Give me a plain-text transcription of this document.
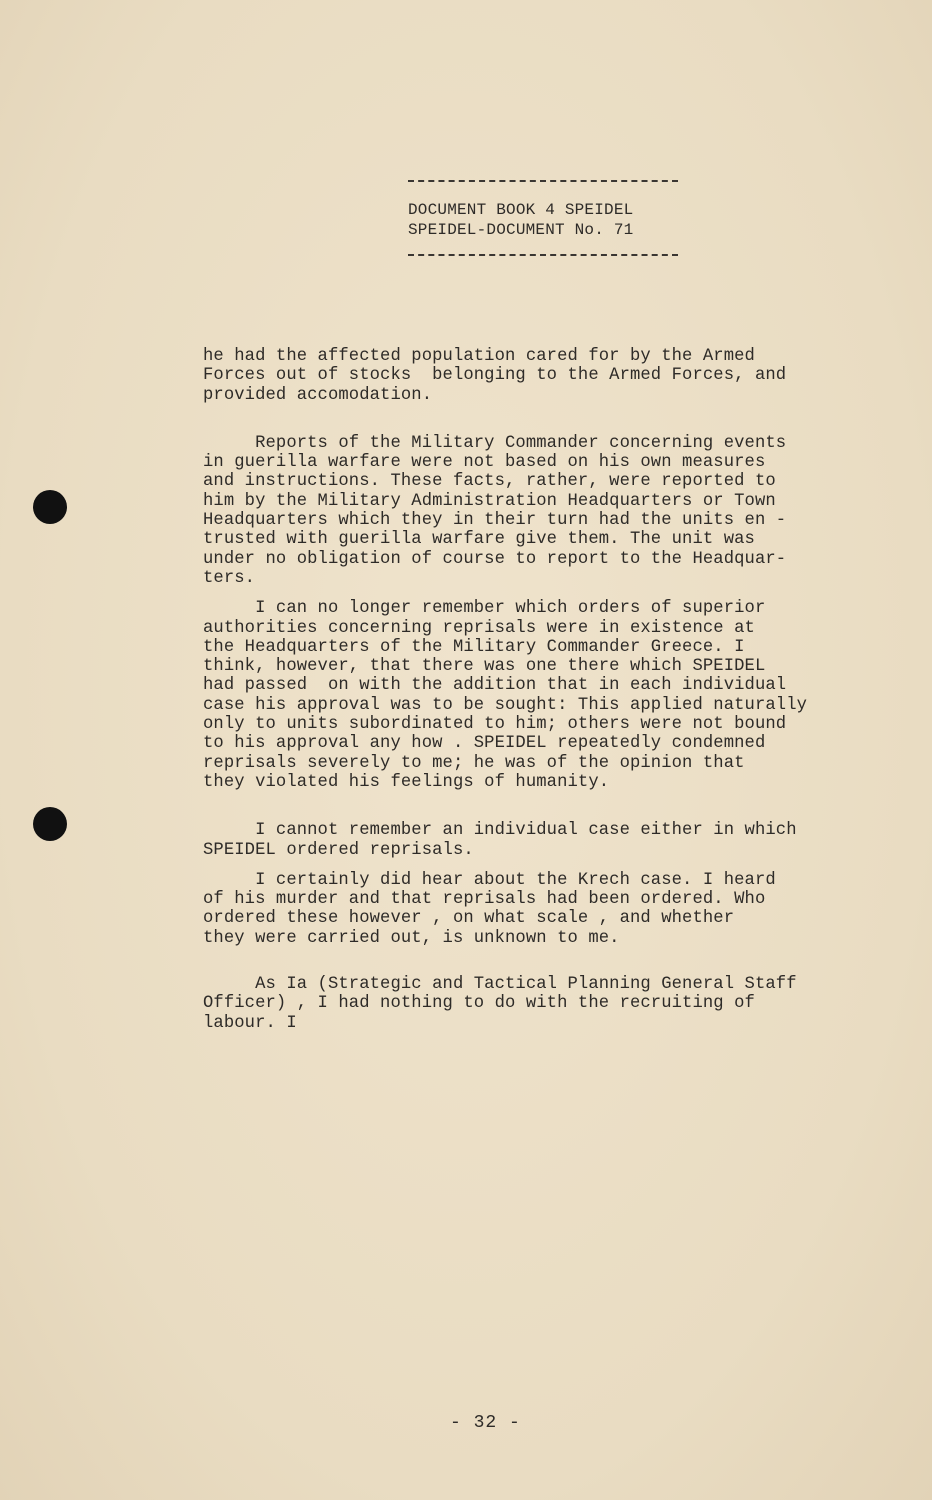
DOCUMENT BOOK 4 SPEIDEL
SPEIDEL-DOCUMENT No. 71

he had the affected population cared for by the Armed
Forces out of stocks  belonging to the Armed Forces, and
provided accomodation.

Reports of the Military Commander concerning events
in guerilla warfare were not based on his own measures
and instructions. These facts, rather, were reported to
him by the Military Administration Headquarters or Town
Headquarters which they in their turn had the units en -
trusted with guerilla warfare give them. The unit was
under no obligation of course to report to the Headquar-
ters.

I can no longer remember which orders of superior
authorities concerning reprisals were in existence at
the Headquarters of the Military Commander Greece. I
think, however, that there was one there which SPEIDEL
had passed  on with the addition that in each individual
case his approval was to be sought: This applied naturally
only to units subordinated to him; others were not bound
to his approval any how . SPEIDEL repeatedly condemned
reprisals severely to me; he was of the opinion that
they violated his feelings of humanity.

I cannot remember an individual case either in which
SPEIDEL ordered reprisals.

I certainly did hear about the Krech case. I heard
of his murder and that reprisals had been ordered. Who
ordered these however , on what scale , and whether
they were carried out, is unknown to me.

As Ia (Strategic and Tactical Planning General Staff
Officer) , I had nothing to do with the recruiting of
labour. I

- 32 -
